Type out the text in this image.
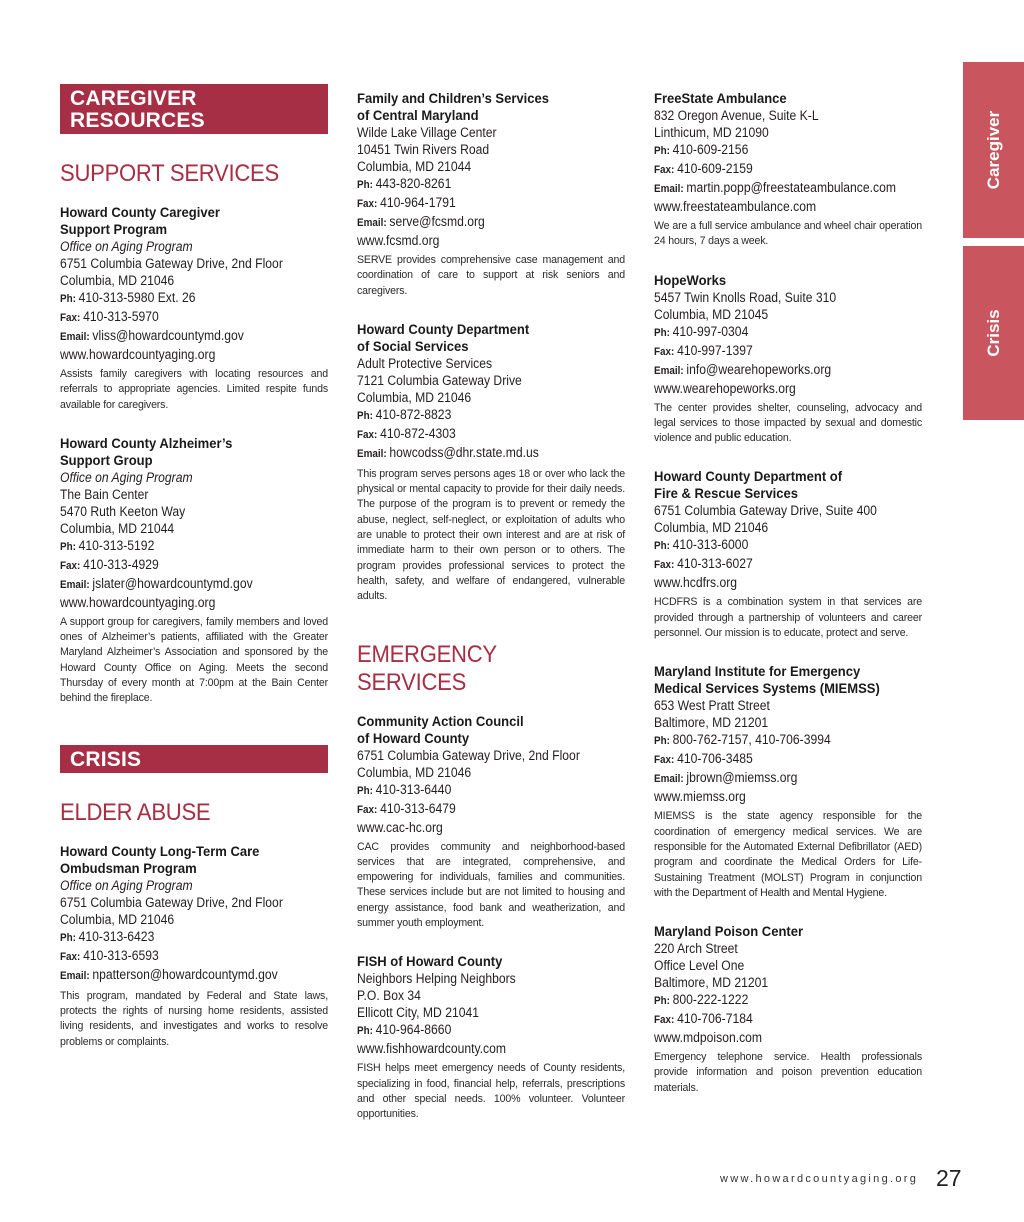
Caregiver
Crisis
CAREGIVER
RESOURCES
SUPPORT SERVICES
Howard County Caregiver
Support Program
Office on Aging Program
6751 Columbia Gateway Drive, 2nd Floor
Columbia, MD 21046
Ph: 410-313-5980 Ext. 26
Fax: 410-313-5970
Email: vliss@howardcountymd.gov
www.howardcountyaging.org
Assists family caregivers with locating resources and referrals to appropriate agencies. Limited respite funds available for caregivers.
Howard County Alzheimer’s
Support Group
Office on Aging Program
The Bain Center
5470 Ruth Keeton Way
Columbia, MD 21044
Ph: 410-313-5192
Fax: 410-313-4929
Email: jslater@howardcountymd.gov
www.howardcountyaging.org
A support group for caregivers, family members and loved ones of Alzheimer’s patients, affiliated with the Greater Maryland Alzheimer’s Association and sponsored by the Howard County Office on Aging. Meets the second Thursday of every month at 7:00pm at the Bain Center behind the fireplace.
CRISIS
ELDER ABUSE
Howard County Long-Term Care
Ombudsman Program
Office on Aging Program
6751 Columbia Gateway Drive, 2nd Floor
Columbia, MD 21046
Ph: 410-313-6423
Fax: 410-313-6593
Email: npatterson@howardcountymd.gov
This program, mandated by Federal and State laws, protects the rights of nursing home residents, assisted living residents, and investigates and works to resolve problems or complaints.
Family and Children’s Services
of Central Maryland
Wilde Lake Village Center
10451 Twin Rivers Road
Columbia, MD 21044
Ph: 443-820-8261
Fax: 410-964-1791
Email: serve@fcsmd.org
www.fcsmd.org
SERVE provides comprehensive case management and coordination of care to support at risk seniors and caregivers.
Howard County Department
of Social Services
Adult Protective Services
7121 Columbia Gateway Drive
Columbia, MD 21046
Ph: 410-872-8823
Fax: 410-872-4303
Email: howcodss@dhr.state.md.us
This program serves persons ages 18 or over who lack the physical or mental capacity to provide for their daily needs. The purpose of the program is to prevent or remedy the abuse, neglect, self-neglect, or exploitation of adults who are unable to protect their own interest and are at risk of immediate harm to their own person or to others. The program provides professional services to protect the health, safety, and welfare of endangered, vulnerable adults.
EMERGENCY SERVICES
Community Action Council
of Howard County
6751 Columbia Gateway Drive, 2nd Floor
Columbia, MD 21046
Ph: 410-313-6440
Fax: 410-313-6479
www.cac-hc.org
CAC provides community and neighborhood-based services that are integrated, comprehensive, and empowering for individuals, families and communities. These services include but are not limited to housing and energy assistance, food bank and weatherization, and summer youth employment.
FISH of Howard County
Neighbors Helping Neighbors
P.O. Box 34
Ellicott City, MD 21041
Ph: 410-964-8660
www.fishhowardcounty.com
FISH helps meet emergency needs of County residents, specializing in food, financial help, referrals, prescriptions and other special needs. 100% volunteer. Volunteer opportunities.
FreeState Ambulance
832 Oregon Avenue, Suite K-L
Linthicum, MD 21090
Ph: 410-609-2156
Fax: 410-609-2159
Email: martin.popp@freestateambulance.com
www.freestateambulance.com
We are a full service ambulance and wheel chair operation 24 hours, 7 days a week.
HopeWorks
5457 Twin Knolls Road, Suite 310
Columbia, MD 21045
Ph: 410-997-0304
Fax: 410-997-1397
Email: info@wearehopeworks.org
www.wearehopeworks.org
The center provides shelter, counseling, advocacy and legal services to those impacted by sexual and domestic violence and public education.
Howard County Department of
Fire & Rescue Services
6751 Columbia Gateway Drive, Suite 400
Columbia, MD 21046
Ph: 410-313-6000
Fax: 410-313-6027
www.hcdfrs.org
HCDFRS is a combination system in that services are provided through a partnership of volunteers and career personnel. Our mission is to educate, protect and serve.
Maryland Institute for Emergency
Medical Services Systems (MIEMSS)
653 West Pratt Street
Baltimore, MD 21201
Ph: 800-762-7157, 410-706-3994
Fax: 410-706-3485
Email: jbrown@miemss.org
www.miemss.org
MIEMSS is the state agency responsible for the coordination of emergency medical services. We are responsible for the Automated External Defibrillator (AED) program and coordinate the Medical Orders for Life-Sustaining Treatment (MOLST) Program in conjunction with the Department of Health and Mental Hygiene.
Maryland Poison Center
220 Arch Street
Office Level One
Baltimore, MD 21201
Ph: 800-222-1222
Fax: 410-706-7184
www.mdpoison.com
Emergency telephone service. Health professionals provide information and poison prevention education materials.
www.howardcountyaging.org 27
